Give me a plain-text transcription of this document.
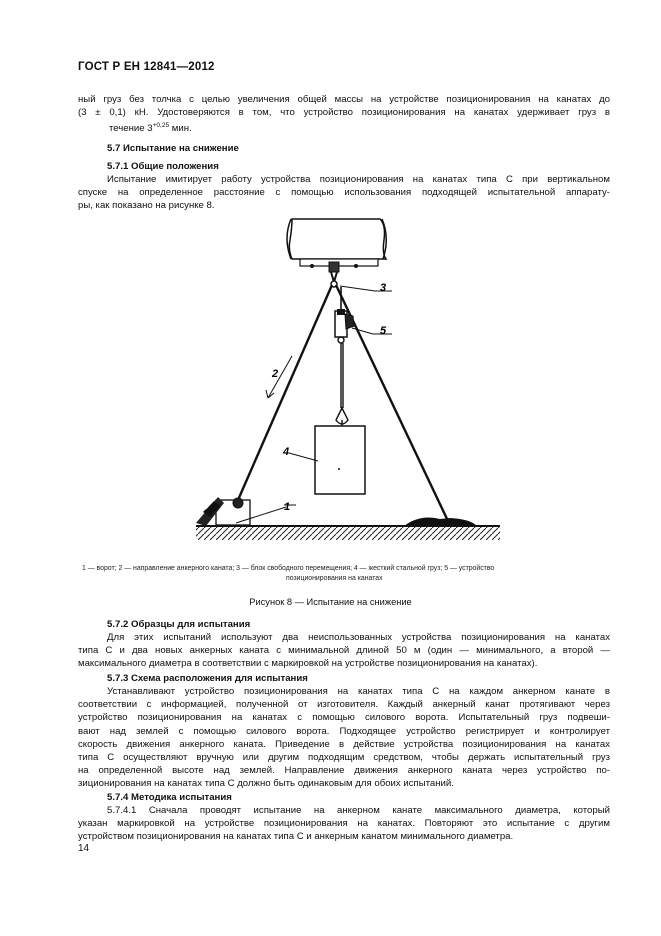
ГОСТ Р ЕН 12841—2012
ный груз без толчка с целью увеличения общей массы на устройстве позиционирования на канатах до
(3 ± 0,1) кН. Удостоверяются в том, что устройство позиционирования на канатах удерживает груз в
течение $3^{+0,25}$ мин.
5.7 Испытание на снижение
5.7.1 Общие положения
Испытание имитирует работу устройства позиционирования на канатах типа С при вертикальном
спуске на определенное расстояние с помощью использования подходящей испытательной аппарату-
ры, как показано на рисунке 8.
1
2
3
4
5
1 — ворот; 2 — направление анкерного каната; 3 — блок свободного перемещения; 4 — жесткий стальной груз; 5 — устройство
позиционирования на канатах
Рисунок 8 — Испытание на снижение
5.7.2 Образцы для испытания
Для этих испытаний используют два неиспользованных устройства позиционирования на канатах
типа С и два новых анкерных каната с минимальной длиной 50 м (один — минимального, а второй —
максимального диаметра в соответствии с маркировкой на устройстве позиционирования на канатах).
5.7.3 Схема расположения для испытания
Устанавливают устройство позиционирования на канатах типа С на каждом анкерном канате в
соответствии с информацией, полученной от изготовителя. Каждый анкерный канат протягивают через
устройство позиционирования на канатах с помощью силового ворота. Испытательный груз подвеши-
вают над землей с помощью силового ворота. Подходящее устройство регистрирует и контролирует
скорость движения анкерного каната. Приведение в действие устройства позиционирования на канатах
типа С осуществляют вручную или другим подходящим средством, чтобы держать испытательный груз
на определенной высоте над землей. Направление движения анкерного каната через устройство по-
зиционирования на канатах типа С должно быть одинаковым для обоих испытаний.
5.7.4 Методика испытания
5.7.4.1 Сначала проводят испытание на анкерном канате максимального диаметра, который
указан маркировкой на устройстве позиционирования на канатах. Повторяют это испытание с другим
устройством позиционирования на канатах типа С и анкерным канатом минимального диаметра.
14
